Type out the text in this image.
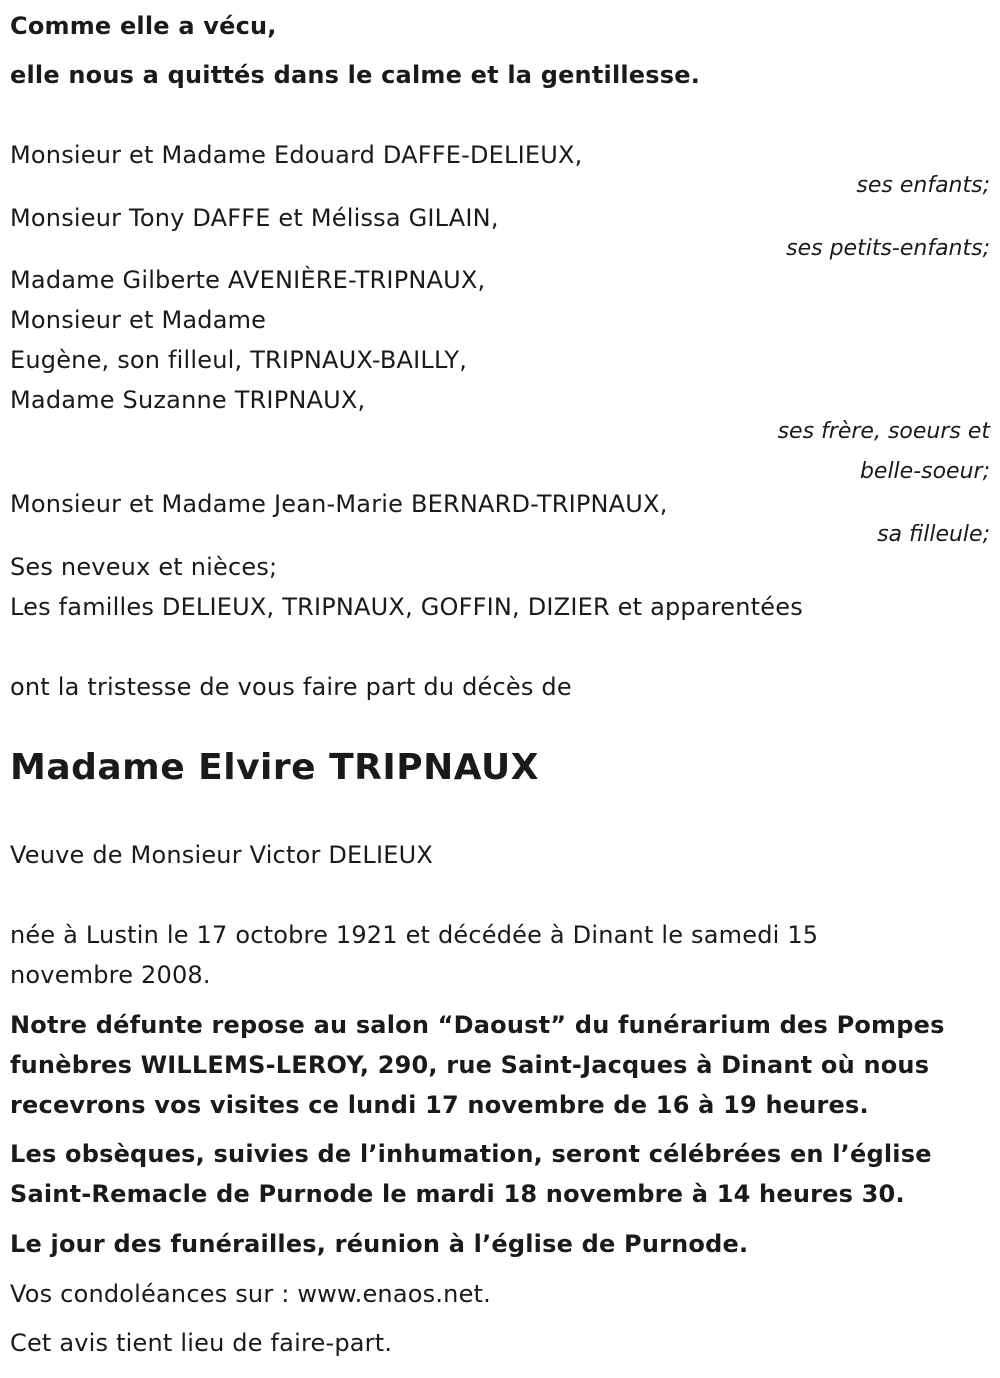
Comme elle a vécu,
elle nous a quittés dans le calme et la gentillesse.
Monsieur et Madame Edouard DAFFE-DELIEUX,
ses enfants;
Monsieur Tony DAFFE et Mélissa GILAIN,
ses petits-enfants;
Madame Gilberte AVENIÈRE-TRIPNAUX,
Monsieur et Madame
Eugène, son filleul, TRIPNAUX-BAILLY,
Madame Suzanne TRIPNAUX,
ses frère, soeurs et
belle-soeur;
Monsieur et Madame Jean-Marie BERNARD-TRIPNAUX,
sa filleule;
Ses neveux et nièces;
Les familles DELIEUX, TRIPNAUX, GOFFIN, DIZIER et apparentées
ont la tristesse de vous faire part du décès de
Madame Elvire TRIPNAUX
Veuve de Monsieur Victor DELIEUX
née à Lustin le 17 octobre 1921 et décédée à Dinant le samedi 15 novembre 2008.
Notre défunte repose au salon “Daoust” du funérarium des Pompes funèbres WILLEMS-LEROY, 290, rue Saint-Jacques à Dinant où nous recevrons vos visites ce lundi 17 novembre de 16 à 19 heures.
Les obsèques, suivies de l’inhumation, seront célébrées en l’église Saint-Remacle de Purnode le mardi 18 novembre à 14 heures 30.
Le jour des funérailles, réunion à l’église de Purnode.
Vos condoléances sur : www.enaos.net.
Cet avis tient lieu de faire-part.
